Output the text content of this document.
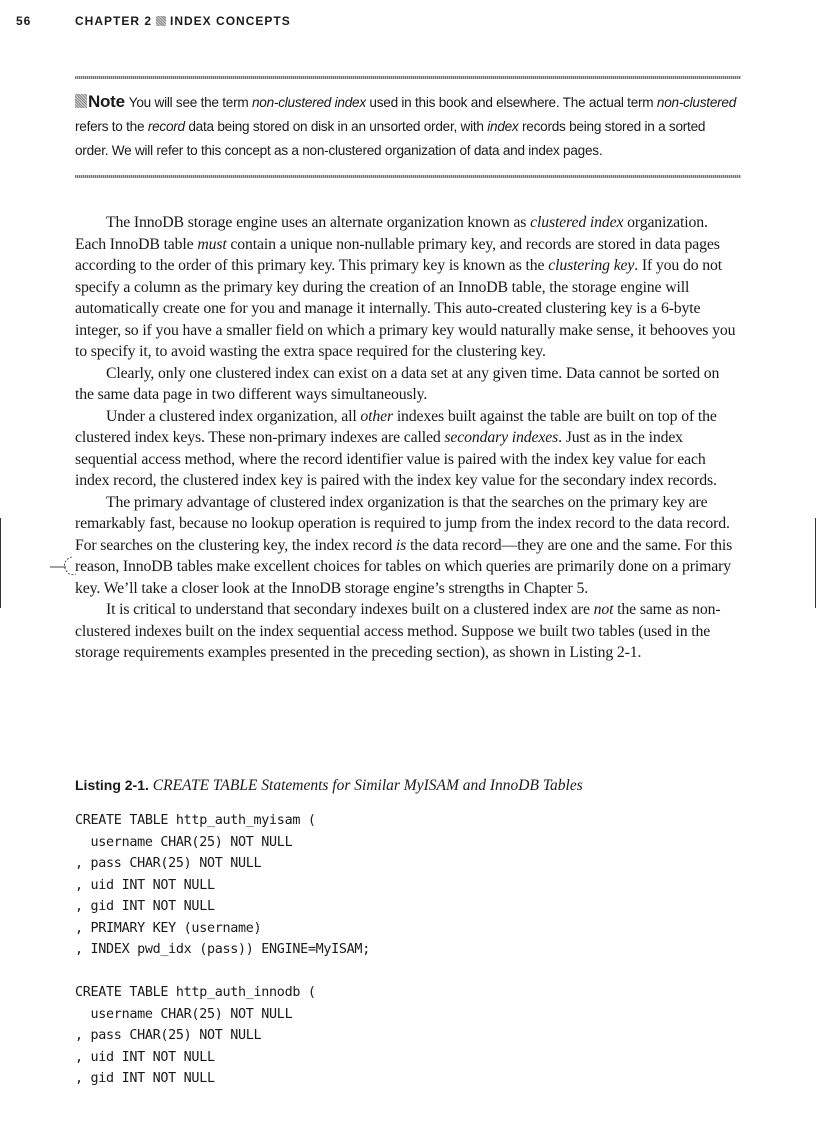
56	CHAPTER 2 INDEX CONCEPTS
Note You will see the term non-clustered index used in this book and elsewhere. The actual term non-clustered refers to the record data being stored on disk in an unsorted order, with index records being stored in a sorted order. We will refer to this concept as a non-clustered organization of data and index pages.

The InnoDB storage engine uses an alternate organization known as clustered index organization. Each InnoDB table must contain a unique non-nullable primary key, and records are stored in data pages according to the order of this primary key. This primary key is known as the clustering key. If you do not specify a column as the primary key during the creation of an InnoDB table, the storage engine will automatically create one for you and manage it internally. This auto-created clustering key is a 6-byte integer, so if you have a smaller field on which a primary key would naturally make sense, it behooves you to specify it, to avoid wasting the extra space required for the clustering key.

Clearly, only one clustered index can exist on a data set at any given time. Data cannot be sorted on the same data page in two different ways simultaneously.

Under a clustered index organization, all other indexes built against the table are built on top of the clustered index keys. These non-primary indexes are called secondary indexes. Just as in the index sequential access method, where the record identifier value is paired with the index key value for each index record, the clustered index key is paired with the index key value for the secondary index records.

The primary advantage of clustered index organization is that the searches on the primary key are remarkably fast, because no lookup operation is required to jump from the index record to the data record. For searches on the clustering key, the index record is the data record—they are one and the same. For this reason, InnoDB tables make excellent choices for tables on which queries are primarily done on a primary key. We’ll take a closer look at the InnoDB storage engine’s strengths in Chapter 5.

It is critical to understand that secondary indexes built on a clustered index are not the same as non-clustered indexes built on the index sequential access method. Suppose we built two tables (used in the storage requirements examples presented in the preceding section), as shown in Listing 2-1.

Listing 2-1. CREATE TABLE Statements for Similar MyISAM and InnoDB Tables
CREATE TABLE http_auth_myisam (
username CHAR(25) NOT NULL
, pass CHAR(25) NOT NULL
, uid INT NOT NULL
, gid INT NOT NULL
, PRIMARY KEY (username)
, INDEX pwd_idx (pass)) ENGINE=MyISAM;
CREATE TABLE http_auth_innodb (
username CHAR(25) NOT NULL
, pass CHAR(25) NOT NULL
, uid INT NOT NULL
, gid INT NOT NULL
